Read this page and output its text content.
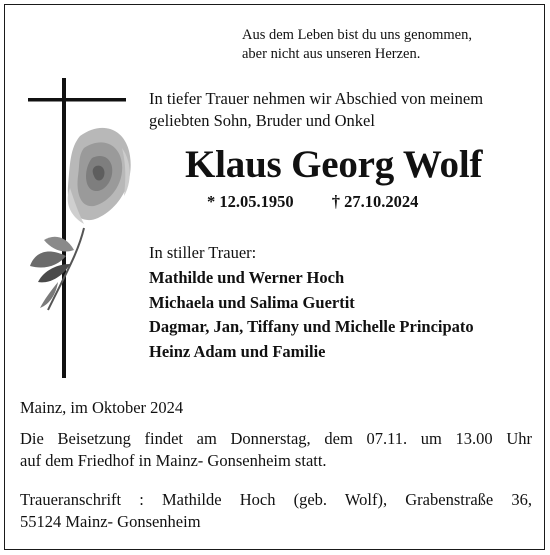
Aus dem Leben bist du uns genommen,
aber nicht aus unseren Herzen.
In tiefer Trauer nehmen wir Abschied von meinem
geliebten Sohn, Bruder und Onkel
Klaus Georg Wolf
* 12.05.1950 † 27.10.2024
In stiller Trauer:
Mathilde und Werner Hoch
Michaela und Salima Guertit
Dagmar, Jan, Tiffany und Michelle Principato
Heinz Adam und Familie
Mainz, im Oktober 2024
Die Beisetzung findet am Donnerstag, dem 07.11. um 13.00 Uhr
auf dem Friedhof in Mainz- Gonsenheim statt.
Traueranschrift : Mathilde Hoch (geb. Wolf), Grabenstraße 36,
55124 Mainz- Gonsenheim
